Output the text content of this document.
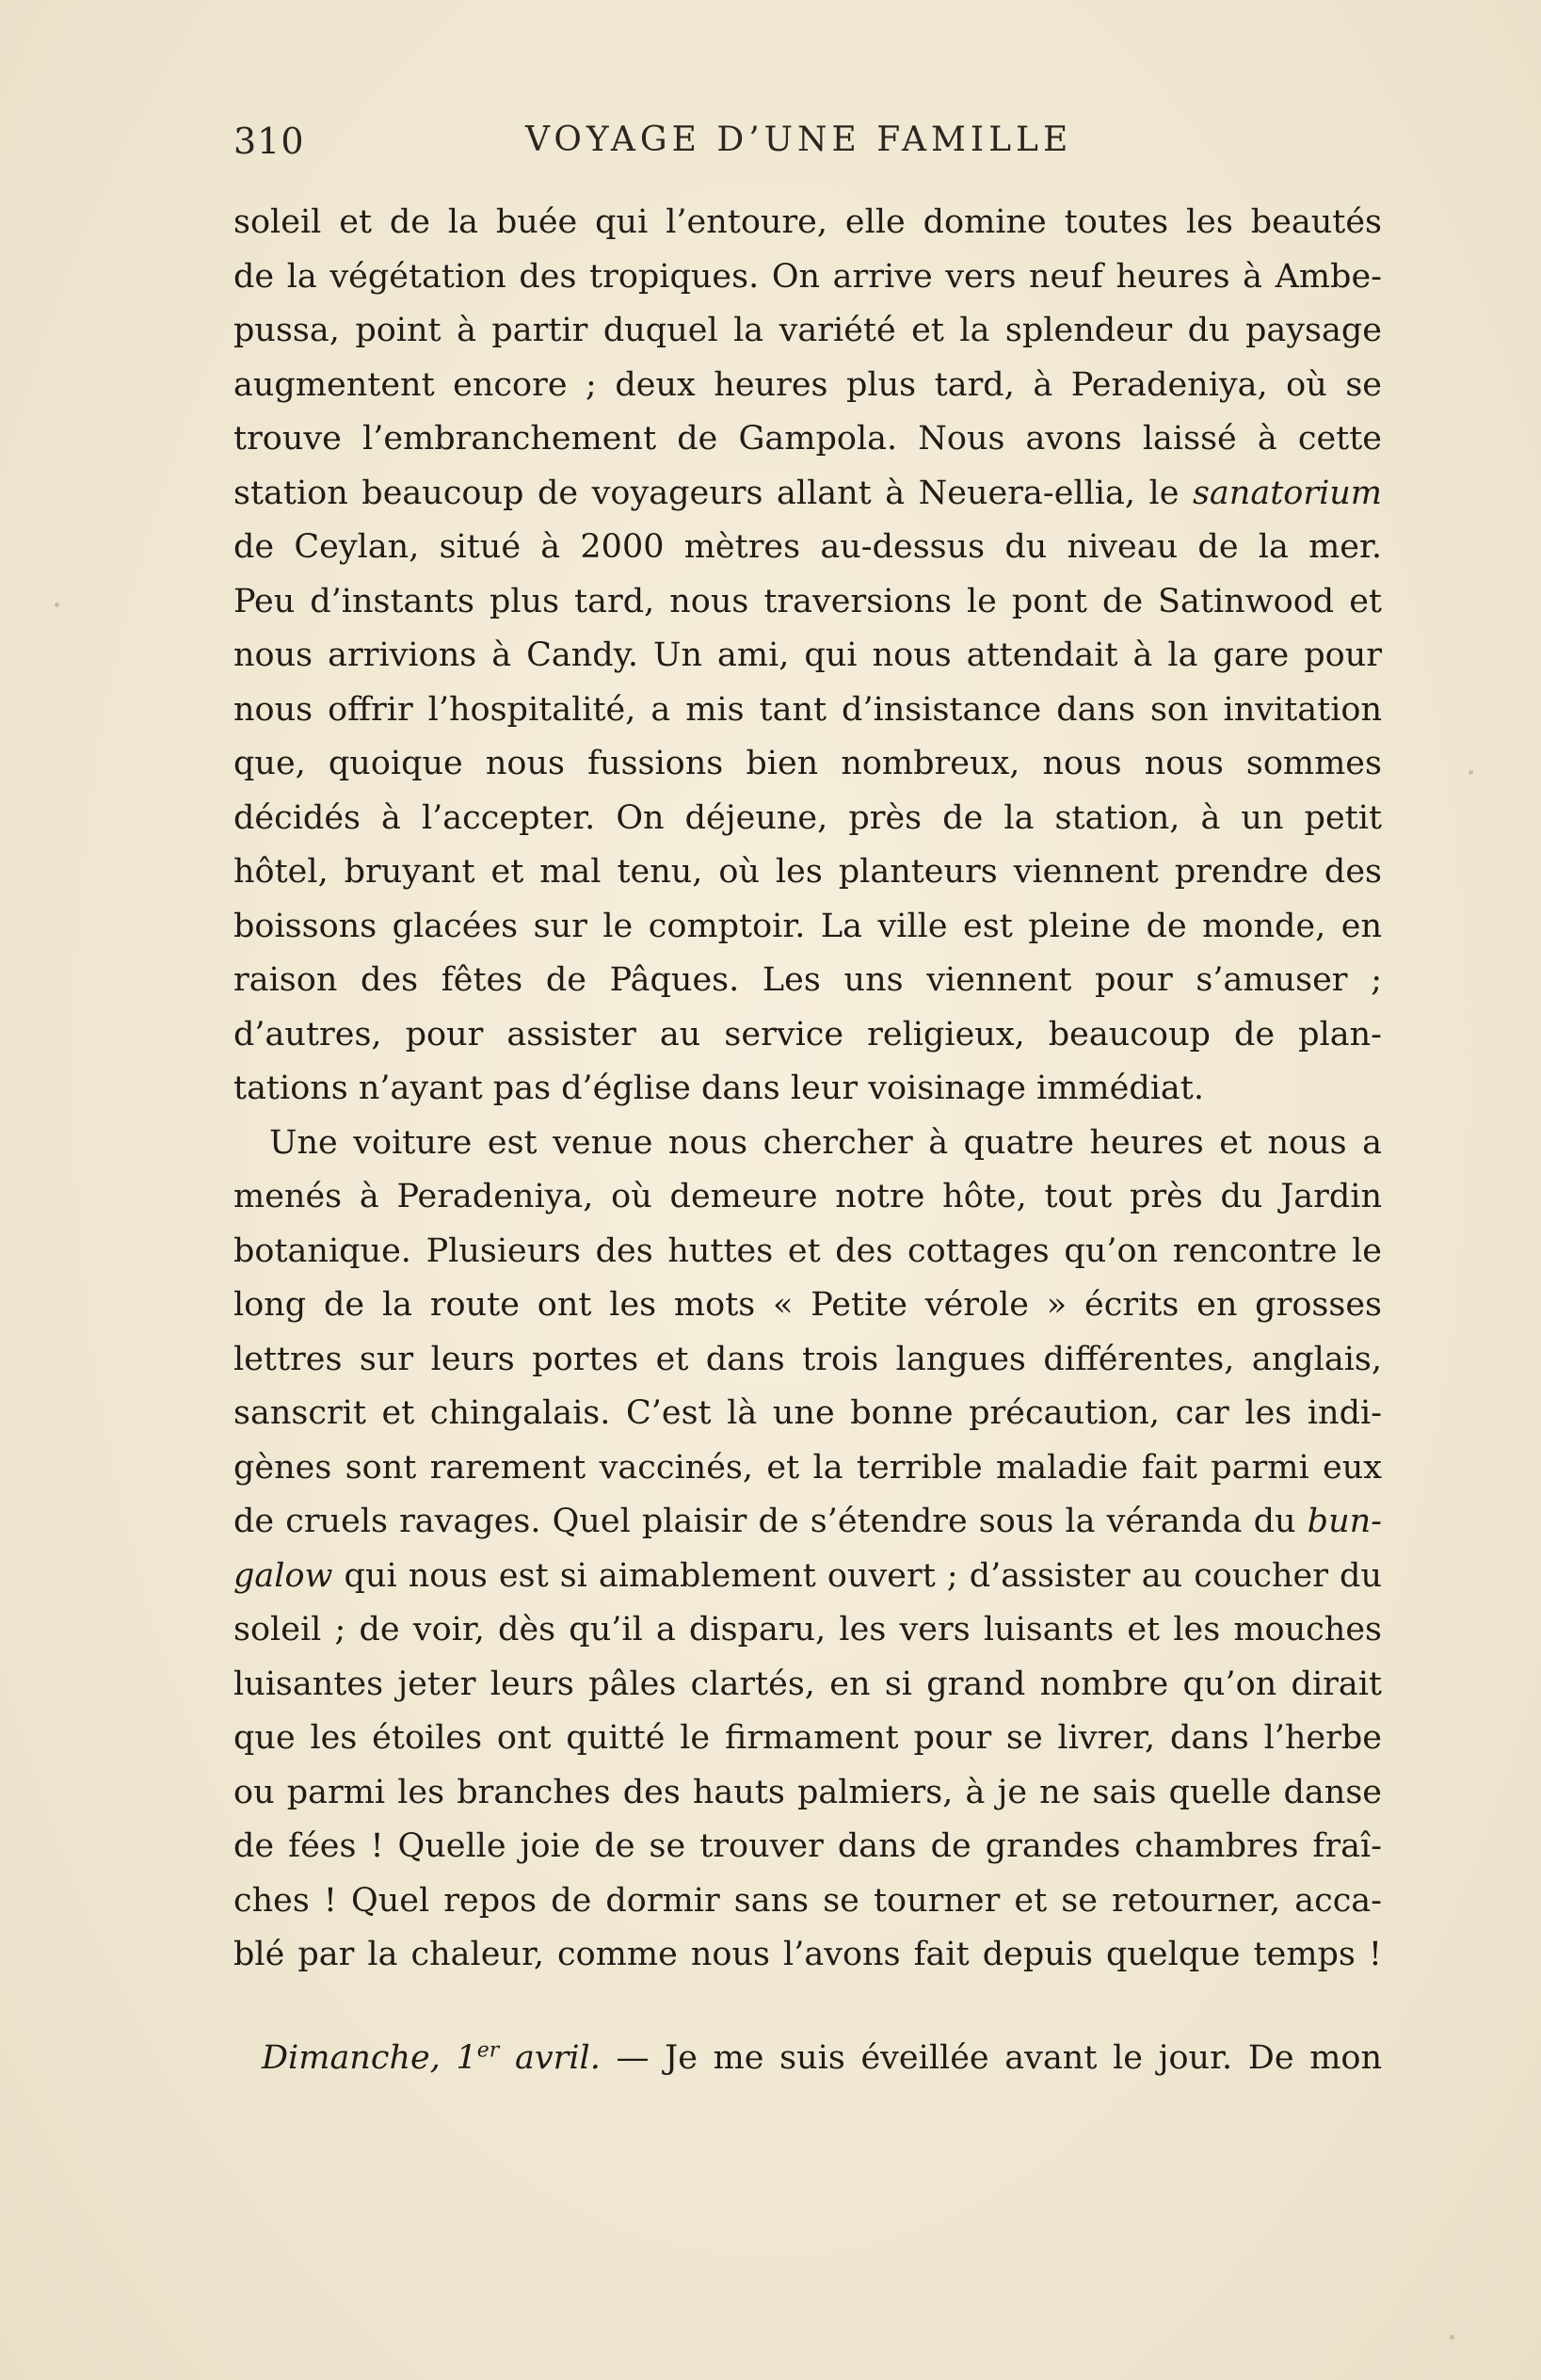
310	VOYAGE D’UNE FAMILLE
soleil et de la buée qui l’entoure, elle domine toutes les beautés
de la végétation des tropiques. On arrive vers neuf heures à Ambe-
pussa, point à partir duquel la variété et la splendeur du paysage
augmentent encore ; deux heures plus tard, à Peradeniya, où se
trouve l’embranchement de Gampola. Nous avons laissé à cette
station beaucoup de voyageurs allant à Neuera-ellia, le sanatorium
de Ceylan, situé à 2000 mètres au-dessus du niveau de la mer.
Peu d’instants plus tard, nous traversions le pont de Satinwood et
nous arrivions à Candy. Un ami, qui nous attendait à la gare pour
nous offrir l’hospitalité, a mis tant d’insistance dans son invitation
que, quoique nous fussions bien nombreux, nous nous sommes
décidés à l’accepter. On déjeune, près de la station, à un petit
hôtel, bruyant et mal tenu, où les planteurs viennent prendre des
boissons glacées sur le comptoir. La ville est pleine de monde, en
raison des fêtes de Pâques. Les uns viennent pour s’amuser ;
d’autres, pour assister au service religieux, beaucoup de plan-
tations n’ayant pas d’église dans leur voisinage immédiat.
Une voiture est venue nous chercher à quatre heures et nous a
menés à Peradeniya, où demeure notre hôte, tout près du Jardin
botanique. Plusieurs des huttes et des cottages qu’on rencontre le
long de la route ont les mots « Petite vérole » écrits en grosses
lettres sur leurs portes et dans trois langues différentes, anglais,
sanscrit et chingalais. C’est là une bonne précaution, car les indi-
gènes sont rarement vaccinés, et la terrible maladie fait parmi eux
de cruels ravages. Quel plaisir de s’étendre sous la véranda du bun-
galow qui nous est si aimablement ouvert ; d’assister au coucher du
soleil ; de voir, dès qu’il a disparu, les vers luisants et les mouches
luisantes jeter leurs pâles clartés, en si grand nombre qu’on dirait
que les étoiles ont quitté le firmament pour se livrer, dans l’herbe
ou parmi les branches des hauts palmiers, à je ne sais quelle danse
de fées ! Quelle joie de se trouver dans de grandes chambres fraî-
ches ! Quel repos de dormir sans se tourner et se retourner, acca-
blé par la chaleur, comme nous l’avons fait depuis quelque temps !
Dimanche, 1er avril. — Je me suis éveillée avant le jour. De mon
